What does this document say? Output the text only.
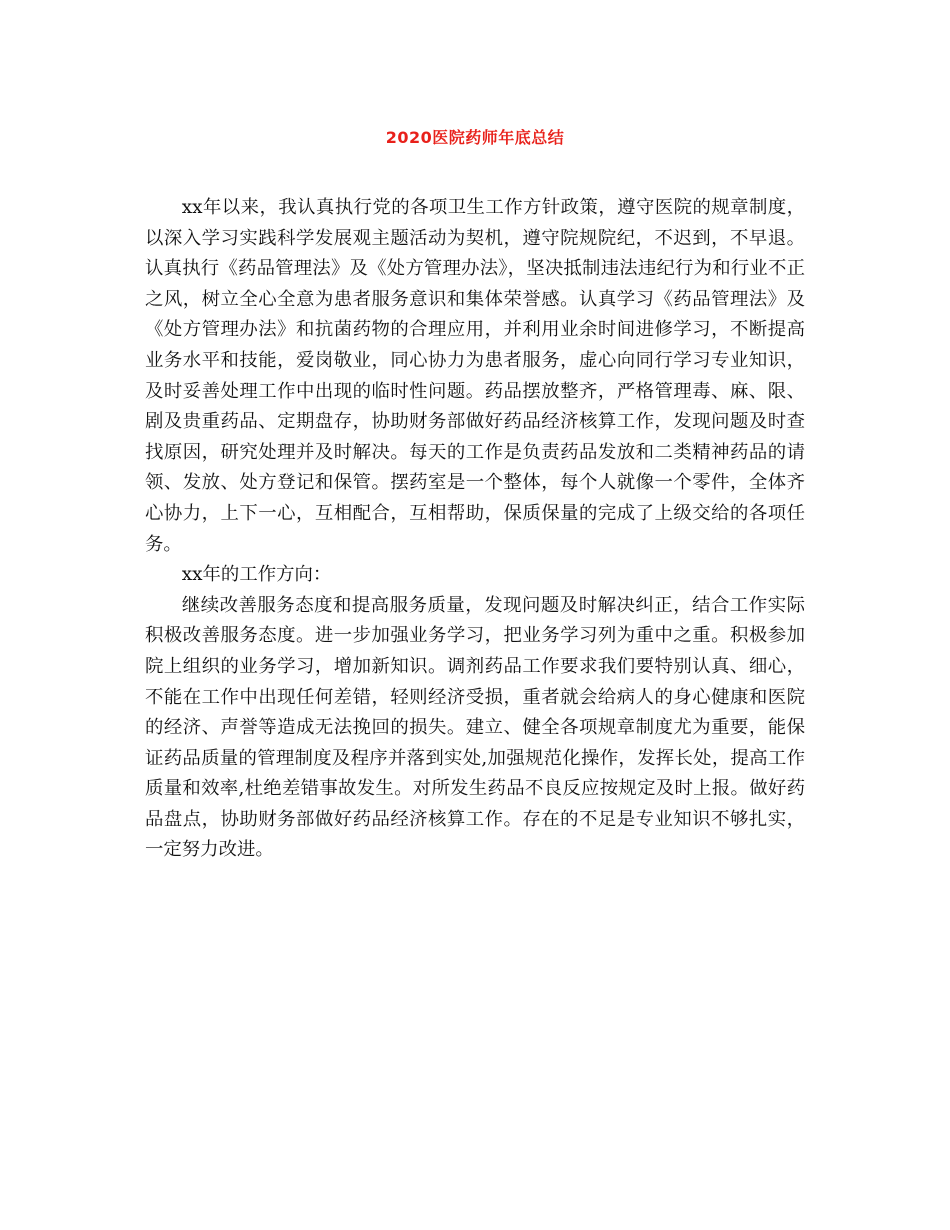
2020医院药师年底总结

xx年以来，我认真执行党的各项卫生工作方针政策，遵守医院的规章制度，以深入学习实践科学发展观主题活动为契机，遵守院规院纪，不迟到，不早退。认真执行《药品管理法》及《处方管理办法》，坚决抵制违法违纪行为和行业不正之风，树立全心全意为患者服务意识和集体荣誉感。认真学习《药品管理法》及《处方管理办法》和抗菌药物的合理应用，并利用业余时间进修学习，不断提高业务水平和技能，爱岗敬业，同心协力为患者服务，虚心向同行学习专业知识，及时妥善处理工作中出现的临时性问题。药品摆放整齐，严格管理毒、麻、限、剧及贵重药品、定期盘存，协助财务部做好药品经济核算工作，发现问题及时查找原因，研究处理并及时解决。每天的工作是负责药品发放和二类精神药品的请领、发放、处方登记和保管。摆药室是一个整体，每个人就像一个零件，全体齐心协力，上下一心，互相配合，互相帮助，保质保量的完成了上级交给的各项任务。

xx年的工作方向：

继续改善服务态度和提高服务质量，发现问题及时解决纠正，结合工作实际积极改善服务态度。进一步加强业务学习，把业务学习列为重中之重。积极参加院上组织的业务学习，增加新知识。调剂药品工作要求我们要特别认真、细心，不能在工作中出现任何差错，轻则经济受损，重者就会给病人的身心健康和医院的经济、声誉等造成无法挽回的损失。建立、健全各项规章制度尤为重要，能保证药品质量的管理制度及程序并落到实处,加强规范化操作，发挥长处，提高工作质量和效率,杜绝差错事故发生。对所发生药品不良反应按规定及时上报。做好药品盘点，协助财务部做好药品经济核算工作。存在的不足是专业知识不够扎实，一定努力改进。
